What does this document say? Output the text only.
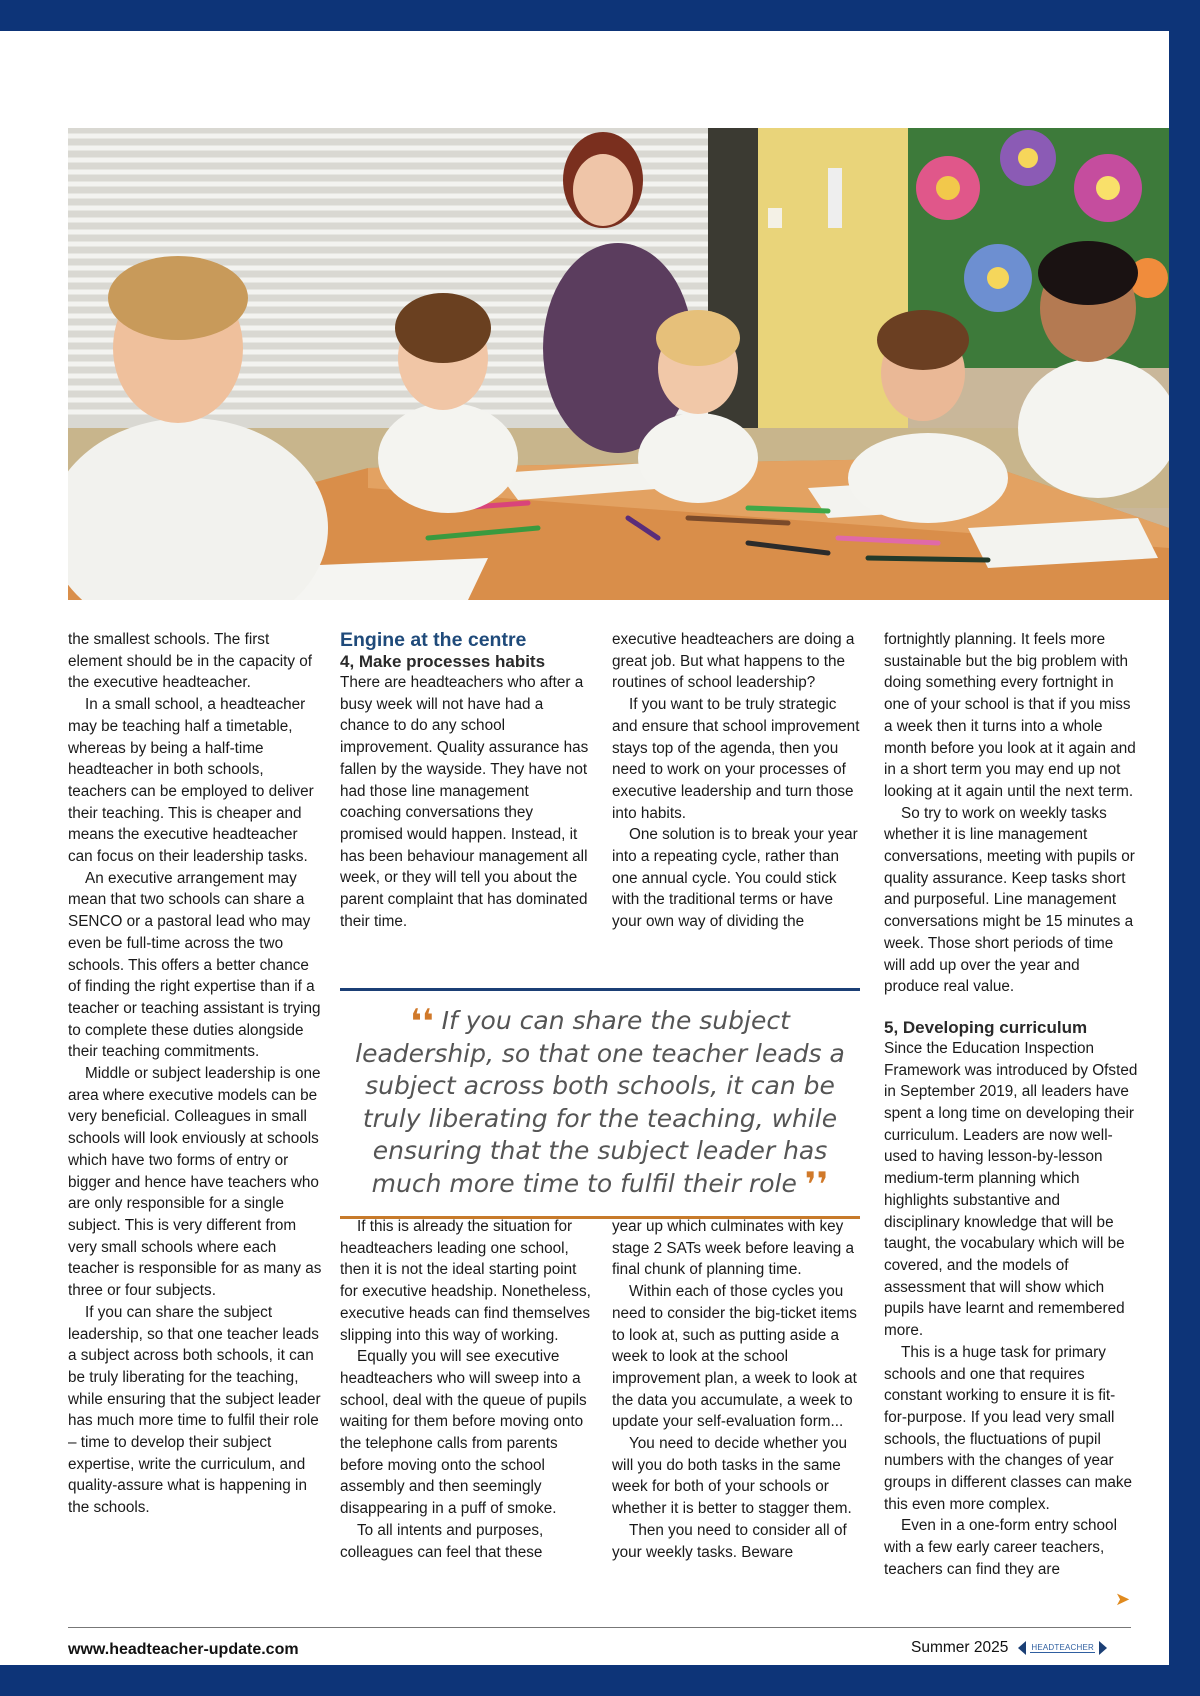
the smallest schools. The first element should be in the capacity of the executive headteacher.

In a small school, a headteacher may be teaching half a timetable, whereas by being a half-time headteacher in both schools, teachers can be employed to deliver their teaching. This is cheaper and means the executive headteacher can focus on their leadership tasks.

An executive arrangement may mean that two schools can share a SENCO or a pastoral lead who may even be full-time across the two schools. This offers a better chance of finding the right expertise than if a teacher or teaching assistant is trying to complete these duties alongside their teaching commitments.

Middle or subject leadership is one area where executive models can be very beneficial. Colleagues in small schools will look enviously at schools which have two forms of entry or bigger and hence have teachers who are only responsible for a single subject. This is very different from very small schools where each teacher is responsible for as many as three or four subjects.

If you can share the subject leadership, so that one teacher leads a subject across both schools, it can be truly liberating for the teaching, while ensuring that the subject leader has much more time to fulfil their role – time to develop their subject expertise, write the curriculum, and quality-assure what is happening in the schools.

Engine at the centre
4, Make processes habits

There are headteachers who after a busy week will not have had a chance to do any school improvement. Quality assurance has fallen by the wayside. They have not had those line management coaching conversations they promised would happen. Instead, it has been behaviour management all week, or they will tell you about the parent complaint that has dominated their time.

executive headteachers are doing a great job. But what happens to the routines of school leadership?

If you want to be truly strategic and ensure that school improvement stays top of the agenda, then you need to work on your processes of executive leadership and turn those into habits.

One solution is to break your year into a repeating cycle, rather than one annual cycle. You could stick with the traditional terms or have your own way of dividing the

❛❛ If you can share the subject leadership, so that one teacher leads a subject across both schools, it can be truly liberating for the teaching, while ensuring that the subject leader has much more time to fulfil their role ❜❜

If this is already the situation for headteachers leading one school, then it is not the ideal starting point for executive headship. Nonetheless, executive heads can find themselves slipping into this way of working.

Equally you will see executive headteachers who will sweep into a school, deal with the queue of pupils waiting for them before moving onto the telephone calls from parents before moving onto the school assembly and then seemingly disappearing in a puff of smoke.

To all intents and purposes, colleagues can feel that these

year up which culminates with key stage 2 SATs week before leaving a final chunk of planning time.

Within each of those cycles you need to consider the big-ticket items to look at, such as putting aside a week to look at the school improvement plan, a week to look at the data you accumulate, a week to update your self-evaluation form...

You need to decide whether you will you do both tasks in the same week for both of your schools or whether it is better to stagger them.

Then you need to consider all of your weekly tasks. Beware

fortnightly planning. It feels more sustainable but the big problem with doing something every fortnight in one of your school is that if you miss a week then it turns into a whole month before you look at it again and in a short term you may end up not looking at it again until the next term.

So try to work on weekly tasks whether it is line management conversations, meeting with pupils or quality assurance. Keep tasks short and purposeful. Line management conversations might be 15 minutes a week. Those short periods of time will add up over the year and produce real value.

5, Developing curriculum

Since the Education Inspection Framework was introduced by Ofsted in September 2019, all leaders have spent a long time on developing their curriculum. Leaders are now well-used to having lesson-by-lesson medium-term planning which highlights substantive and disciplinary knowledge that will be taught, the vocabulary which will be covered, and the models of assessment that will show which pupils have learnt and remembered more.

This is a huge task for primary schools and one that requires constant working to ensure it is fit-for-purpose. If you lead very small schools, the fluctuations of pupil numbers with the changes of year groups in different classes can make this even more complex.

Even in a one-form entry school with a few early career teachers, teachers can find they are

➤
www.headteacher-update.com	Summer 2025	HEADTEACHER
